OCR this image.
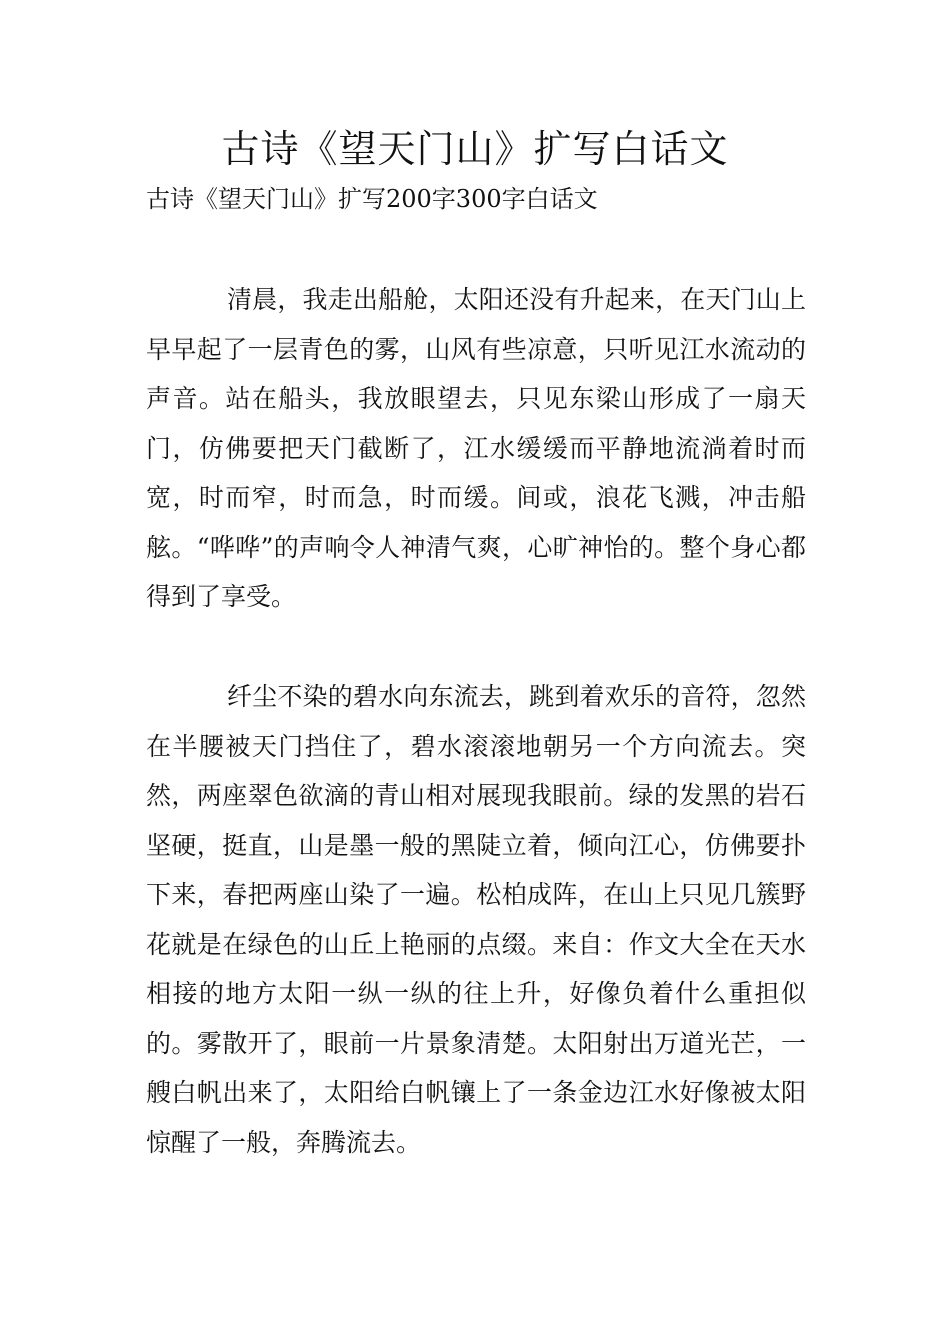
古诗《望天门山》扩写白话文

古诗《望天门山》扩写200字300字白话文

清晨，我走出船舱，太阳还没有升起来，在天门山上早早起了一层青色的雾，山风有些凉意，只听见江水流动的声音。站在船头，我放眼望去，只见东梁山形成了一扇天门，仿佛要把天门截断了，江水缓缓而平静地流淌着时而宽，时而窄，时而急，时而缓。间或，浪花飞溅，冲击船舷。“哗哗”的声响令人神清气爽，心旷神怡的。整个身心都得到了享受。

纤尘不染的碧水向东流去，跳到着欢乐的音符，忽然在半腰被天门挡住了，碧水滚滚地朝另一个方向流去。突然，两座翠色欲滴的青山相对展现我眼前。绿的发黑的岩石坚硬，挺直，山是墨一般的黑陡立着，倾向江心，仿佛要扑下来，春把两座山染了一遍。松柏成阵，在山上只见几簇野花就是在绿色的山丘上艳丽的点缀。来自：作文大全在天水相接的地方太阳一纵一纵的往上升，好像负着什么重担似的。雾散开了，眼前一片景象清楚。太阳射出万道光芒，一艘白帆出来了，太阳给白帆镶上了一条金边江水好像被太阳惊醒了一般，奔腾流去。
